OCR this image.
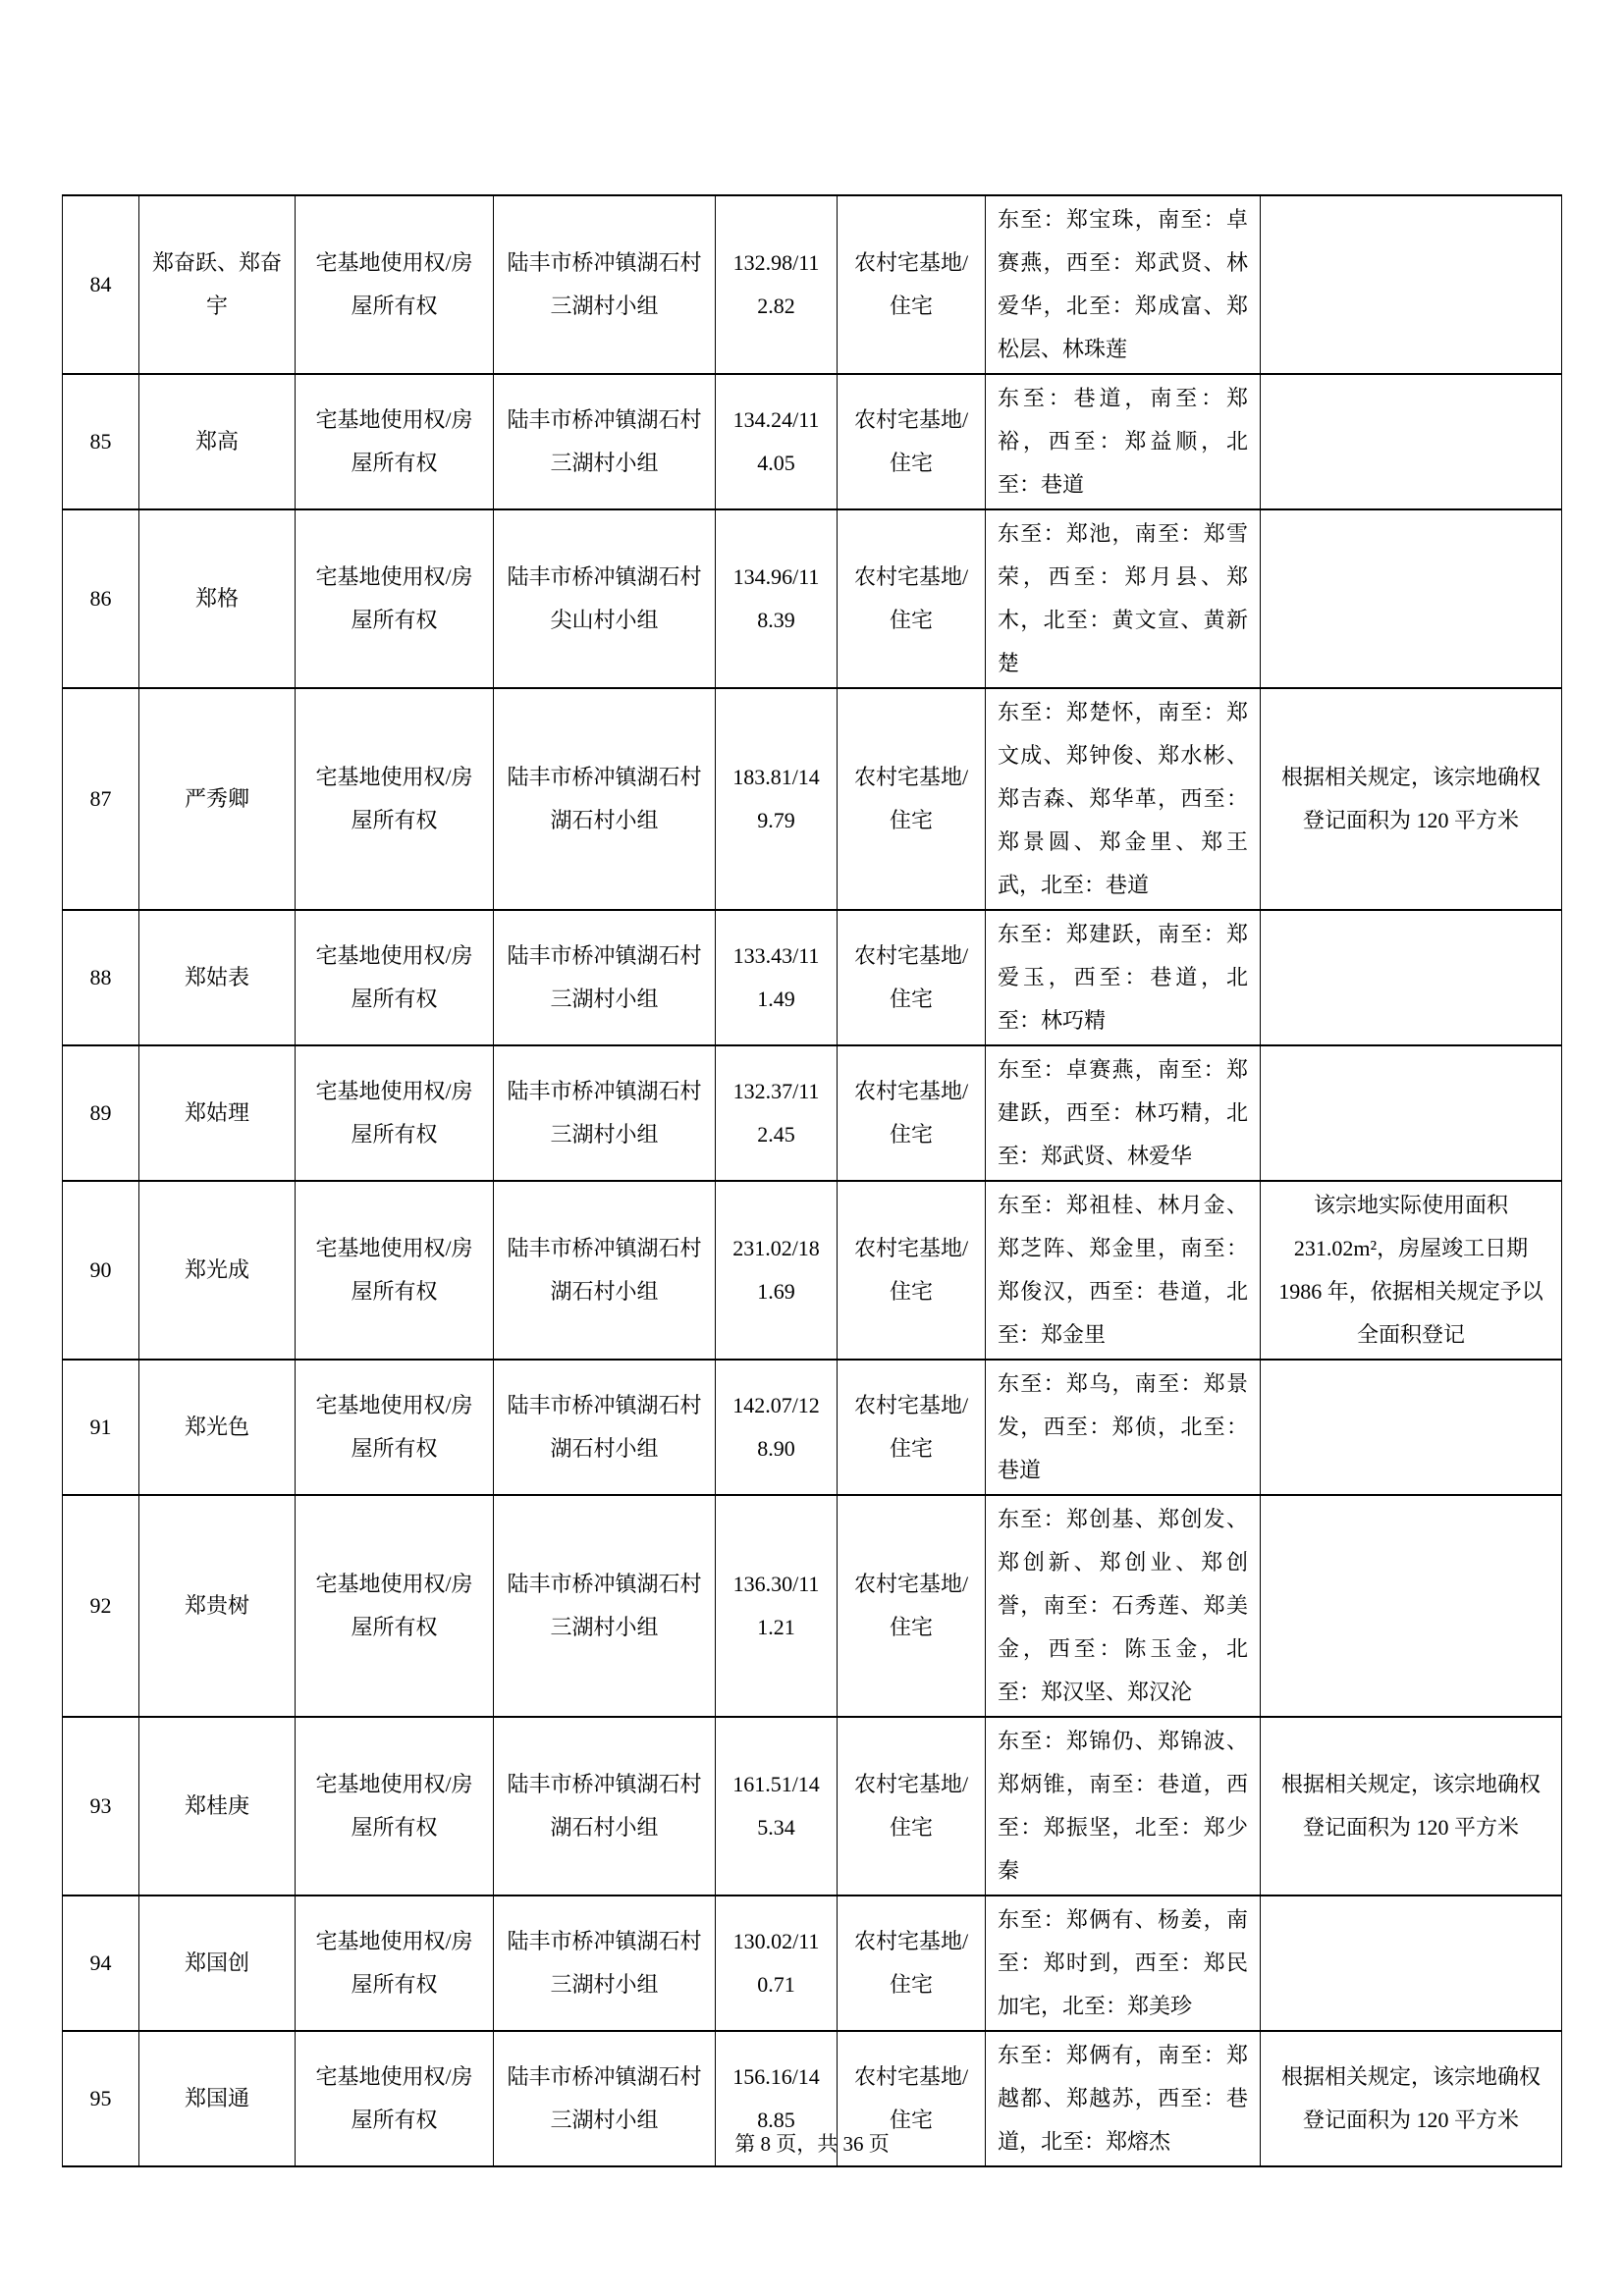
84	郑奋跃、郑奋宇	宅基地使用权/房屋所有权	陆丰市桥冲镇湖石村三湖村小组	132.98/112.82	农村宅基地/住宅	东至：郑宝珠，南至：卓赛燕，西至：郑武贤、林爱华，北至：郑成富、郑松层、林珠莲	
85	郑高	宅基地使用权/房屋所有权	陆丰市桥冲镇湖石村三湖村小组	134.24/114.05	农村宅基地/住宅	东至：巷道，南至：郑裕，西至：郑益顺，北至：巷道	
86	郑格	宅基地使用权/房屋所有权	陆丰市桥冲镇湖石村尖山村小组	134.96/118.39	农村宅基地/住宅	东至：郑池，南至：郑雪荣，西至：郑月县、郑木，北至：黄文宣、黄新楚	
87	严秀卿	宅基地使用权/房屋所有权	陆丰市桥冲镇湖石村湖石村小组	183.81/149.79	农村宅基地/住宅	东至：郑楚怀，南至：郑文成、郑钟俊、郑水彬、郑吉森、郑华革，西至：郑景圆、郑金里、郑王武，北至：巷道	根据相关规定，该宗地确权登记面积为 120 平方米
88	郑姑表	宅基地使用权/房屋所有权	陆丰市桥冲镇湖石村三湖村小组	133.43/111.49	农村宅基地/住宅	东至：郑建跃，南至：郑爱玉，西至：巷道，北至：林巧精	
89	郑姑理	宅基地使用权/房屋所有权	陆丰市桥冲镇湖石村三湖村小组	132.37/112.45	农村宅基地/住宅	东至：卓赛燕，南至：郑建跃，西至：林巧精，北至：郑武贤、林爱华	
90	郑光成	宅基地使用权/房屋所有权	陆丰市桥冲镇湖石村湖石村小组	231.02/181.69	农村宅基地/住宅	东至：郑祖桂、林月金、郑芝阵、郑金里，南至：郑俊汉，西至：巷道，北至：郑金里	该宗地实际使用面积231.02m²，房屋竣工日期 1986 年，依据相关规定予以全面积登记
91	郑光色	宅基地使用权/房屋所有权	陆丰市桥冲镇湖石村湖石村小组	142.07/128.90	农村宅基地/住宅	东至：郑乌，南至：郑景发，西至：郑侦，北至：巷道	
92	郑贵树	宅基地使用权/房屋所有权	陆丰市桥冲镇湖石村三湖村小组	136.30/111.21	农村宅基地/住宅	东至：郑创基、郑创发、郑创新、郑创业、郑创誉，南至：石秀莲、郑美金，西至：陈玉金，北至：郑汉坚、郑汉沦	
93	郑桂庚	宅基地使用权/房屋所有权	陆丰市桥冲镇湖石村湖石村小组	161.51/145.34	农村宅基地/住宅	东至：郑锦仍、郑锦波、郑炳锥，南至：巷道，西至：郑振坚，北至：郑少秦	根据相关规定，该宗地确权登记面积为 120 平方米
94	郑国创	宅基地使用权/房屋所有权	陆丰市桥冲镇湖石村三湖村小组	130.02/110.71	农村宅基地/住宅	东至：郑俩有、杨姜，南至：郑时到，西至：郑民加宅，北至：郑美珍	
95	郑国通	宅基地使用权/房屋所有权	陆丰市桥冲镇湖石村三湖村小组	156.16/148.85	农村宅基地/住宅	东至：郑俩有，南至：郑越都、郑越苏，西至：巷道，北至：郑熔杰	根据相关规定，该宗地确权登记面积为 120 平方米
第 8 页，共 36 页
